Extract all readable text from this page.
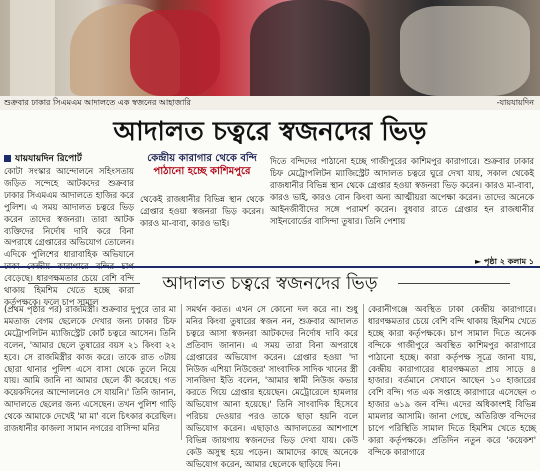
শুক্রবার ঢাকার সিএমএম আদালতে এক স্বজনের আহাজারি	-যায়যায়দিন
আদালত চত্বরে স্বজনদের ভিড়
যায়যায়দিন রিপোর্ট

কোটা সংস্কার আন্দোলনে সহিংসতায় জড়িত সন্দেহে আটকদের শুক্রবার ঢাকার সিএমএম আদালতে হাজির করে পুলিশ। এ সময় আদালত চত্বরে ভিড় করেন তাদের স্বজনরা। তারা আটক ব্যক্তিদের নির্দোষ দাবি করে বিনা অপরাধে গ্রেপ্তারের অভিযোগ তোলেন। এদিকে পুলিশের ধারাবাহিক অভিযানে বেড়েছে। ধারণক্ষমতার চেয়ে বেশি বন্দি থাকায় হিমশিম খেতে হচ্ছে কারা কর্তৃপক্ষকে। ফলে চাপ সামাল

কেন্দ্রীয় কারাগার থেকে বন্দি
পাঠানো হচ্ছে কাশিমপুরে

থেকেই রাজধানীর বিভিন্ন স্থান থেকে গ্রেপ্তার হওয়া স্বজনরা ভিড় করেন। কারও মা-বাবা, কারও ভাই।

দিতে বন্দিদের পাঠানো হচ্ছে গাজীপুরের কাশিমপুর কারাগারে। শুক্রবার ঢাকার চিফ মেট্রোপলিটন ম্যাজিস্ট্রেট আদালত চত্বরে ঘুরে দেখা যায়, সকাল থেকেই রাজধানীর বিভিন্ন স্থান থেকে গ্রেপ্তার হওয়া স্বজনরা ভিড় করেন। কারও মা-বাবা, কারও ভাই, কারও বোন কিংবা অন্য আত্মীয়রা অপেক্ষা করেন। তাদের অনেকে আইনজীবীদের সঙ্গে পরামর্শ করেন। বুধবার রাতে গ্রেপ্তার হন রাজধানীর সাইনবোর্ডের বাসিন্দা তুষার। তিনি পেশায়

► পৃষ্ঠা ২ কলাম ১
আদালত চত্বরে স্বজনদের ভিড়

(প্রথম পৃষ্ঠার পর) রাজমিস্ত্রী। শুক্রবার দুপুরে তার মা মমতাজ বেগম ছেলেকে দেখার জন্য ঢাকার চিফ মেট্রোপলিটন ম্যাজিস্ট্রেট কোর্ট চত্বরে আসেন। তিনি বলেন, 'আমার ছেলে তুষারের বয়স ২১ কিংবা ২২ হবে। সে রাজমিস্ত্রীর কাজ করে। তাকে রাত ৩টায় ছোরা থানার পুলিশ এসে বাসা থেকে তুলে নিয়ে যায়। আমি জানি না আমার ছেলে কী করেছে। গত কয়েকদিনের আন্দোলনেও সে যায়নি।' তিনি জানান, আদালতে ছেলের জন্য এসেছেন। তখন পুলিশ গাড়ি থেকে আমাকে দেখেই 'মা মা' বলে চিৎকার করেছিল। রাজধানীর কাজলা সামান নগরের বাসিন্দা মনির

সমর্থন করত। এখন সে কোনো দল করে না। শুধু মনির কিংবা তুষারের স্বজন নন, শুক্রবার আদালত চত্বরে আসা স্বজনরা আটকদের নির্দোষ দাবি করে প্রতিবাদ জানান। এ সময় তারা বিনা অপরাধে গ্রেপ্তারের অভিযোগ করেন। গ্রেপ্তার হওয়া 'দা নিউজ এশিয়া নিউজের' সাংবাদিক সাদিক খানের স্ত্রী সানজিদা ইতি বলেন, 'আমার স্বামী নিউজ কভার করতে গিয়ে গ্রেপ্তার হয়েছেন। মেট্রোরেলে হামলার অভিযোগ আনা হয়েছে।' তিনি সাংবাদিক হিসেবে পরিচয় দেওয়ার পরও তাকে ছাড়া হয়নি বলে অভিযোগ করেন। এছাড়াও আদালতের আশপাশে বিভিন্ন জায়গায় স্বজনদের ভিড় দেখা যায়। কেউ কেউ অসুস্থ হয়ে পড়েন। আমাদের কাছে অনেকে অভিযোগ করেন, আমার ছেলেকে ছাড়িয়ে দিন।

কেরানীগঞ্জে অবস্থিত ঢাকা কেন্দ্রীয় কারাগারে। ধারণক্ষমতার চেয়ে বেশি বন্দি থাকায় হিমশিম খেতে হচ্ছে কারা কর্তৃপক্ষকে। চাপ সামাল দিতে অনেক বন্দিকে গাজীপুরে অবস্থিত কাশিমপুর কারাগারে পাঠানো হচ্ছে। কারা কর্তৃপক্ষ সূত্রে জানা যায়, কেন্দ্রীয় কারাগারের ধারণক্ষমতা প্রায় সাড়ে ৪ হাজার। বর্তমানে সেখানে আছেন ১০ হাজারের বেশি বন্দি। গত এক সপ্তাহে কারাগারে এসেছেন ৩ হাজার ৬১৯ জন বন্দি। এদের অধিকাংশই বিভিন্ন মামলার আসামি। জানা গেছে, অতিরিক্ত বন্দিদের চাপে পরিস্থিতি সামাল দিতে হিমশিম খেতে হচ্ছে কারা কর্তৃপক্ষকে। প্রতিদিন নতুন করে 'কয়েকশ' বন্দিকে কারাগারে
